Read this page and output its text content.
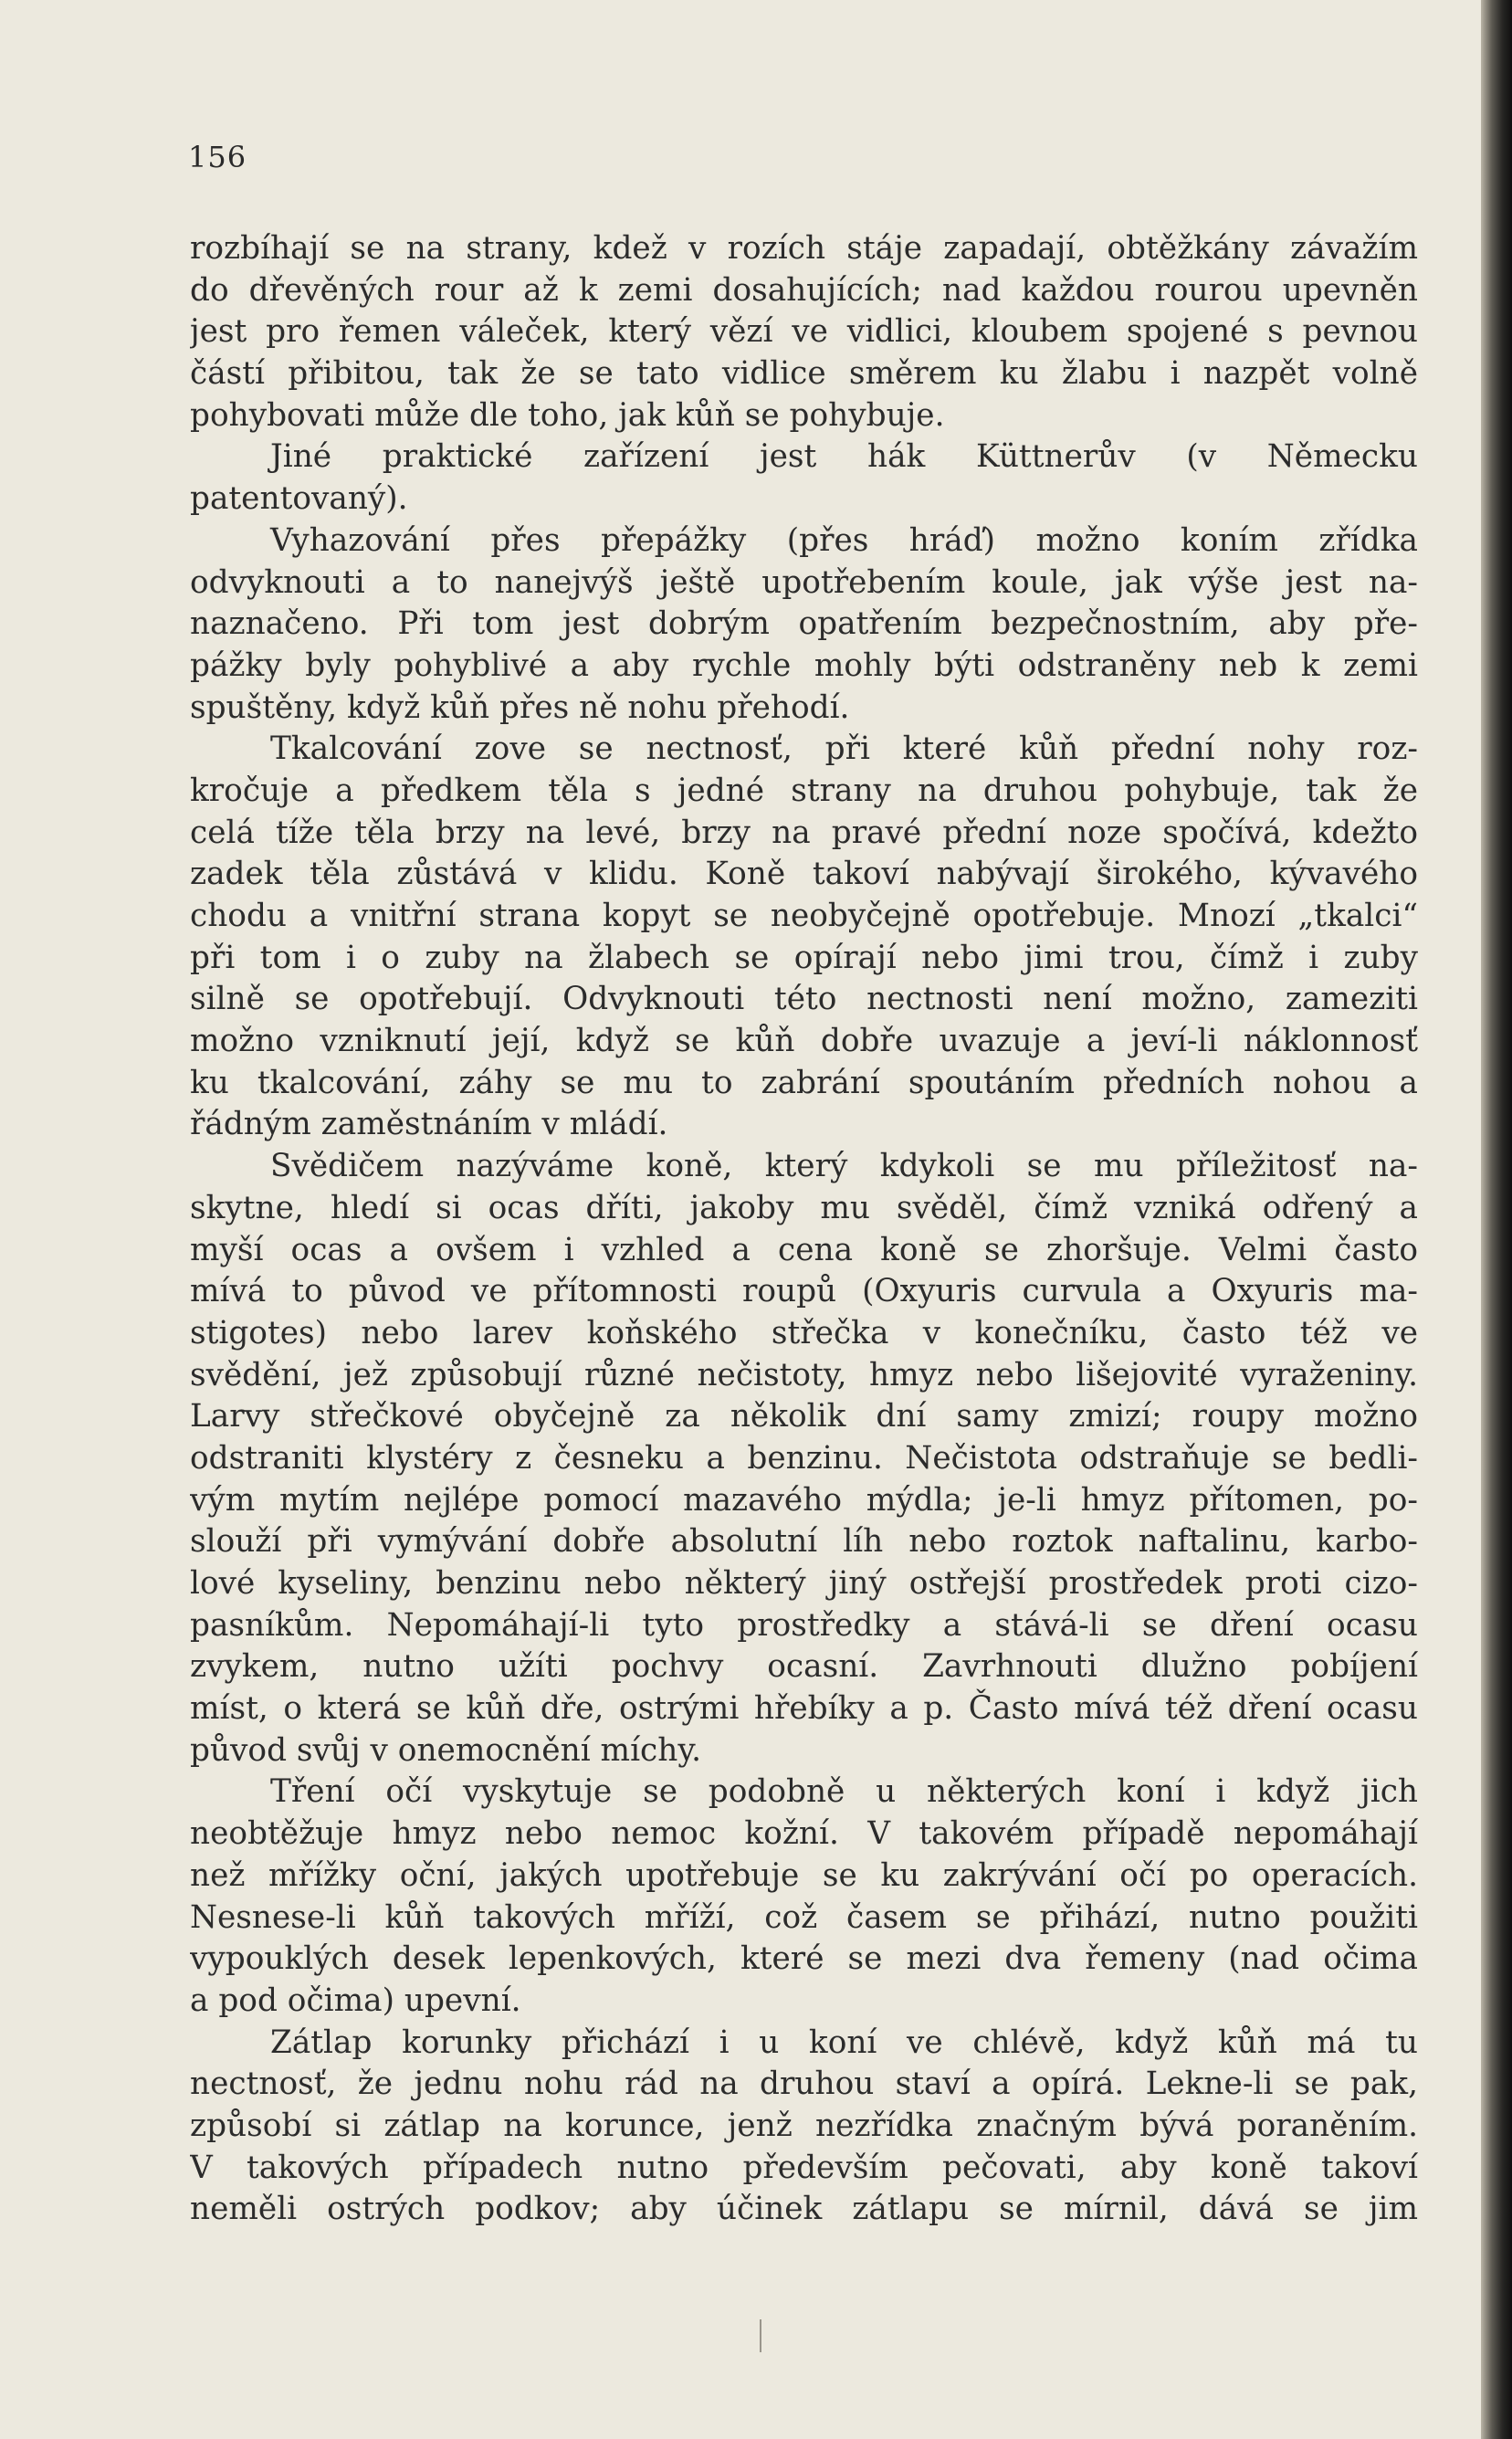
156
rozbíhají se na strany, kdež v rozích stáje zapadají, obtěžkány závažím
do dřevěných rour až k zemi dosahujících; nad každou rourou upevněn
jest pro řemen váleček, který vězí ve vidlici, kloubem spojené s pevnou
částí přibitou, tak že se tato vidlice směrem ku žlabu i nazpět volně
pohybovati může dle toho, jak kůň se pohybuje.
Jiné praktické zařízení jest hák Küttnerův (v Německu
patentovaný).
Vyhazování přes přepážky (přes hráď) možno koním zřídka
odvyknouti a to nanejvýš ještě upotřebením koule, jak výše jest na-
naznačeno. Při tom jest dobrým opatřením bezpečnostním, aby pře-
pážky byly pohyblivé a aby rychle mohly býti odstraněny neb k zemi
spuštěny, když kůň přes ně nohu přehodí.
Tkalcování zove se nectnosť, při které kůň přední nohy roz-
kročuje a předkem těla s jedné strany na druhou pohybuje, tak že
celá tíže těla brzy na levé, brzy na pravé přední noze spočívá, kdežto
zadek těla zůstává v klidu. Koně takoví nabývají širokého, kývavého
chodu a vnitřní strana kopyt se neobyčejně opotřebuje. Mnozí „tkalci“
při tom i o zuby na žlabech se opírají nebo jimi trou, čímž i zuby
silně se opotřebují. Odvyknouti této nectnosti není možno, zameziti
možno vzniknutí její, když se kůň dobře uvazuje a jeví-li náklonnosť
ku tkalcování, záhy se mu to zabrání spoutáním předních nohou a
řádným zaměstnáním v mládí.
Svědičem nazýváme koně, který kdykoli se mu příležitosť na-
skytne, hledí si ocas dříti, jakoby mu svěděl, čímž vzniká odřený a
myší ocas a ovšem i vzhled a cena koně se zhoršuje. Velmi často
mívá to původ ve přítomnosti roupů (Oxyuris curvula a Oxyuris ma-
stigotes) nebo larev koňského střečka v konečníku, často též ve
svědění, jež způsobují různé nečistoty, hmyz nebo lišejovité vyraženiny.
Larvy střečkové obyčejně za několik dní samy zmizí; roupy možno
odstraniti klystéry z česneku a benzinu. Nečistota odstraňuje se bedli-
vým mytím nejlépe pomocí mazavého mýdla; je-li hmyz přítomen, po-
slouží při vymývání dobře absolutní líh nebo roztok naftalinu, karbo-
lové kyseliny, benzinu nebo některý jiný ostřejší prostředek proti cizo-
pasníkům. Nepomáhají-li tyto prostředky a stává-li se dření ocasu
zvykem, nutno užíti pochvy ocasní. Zavrhnouti dlužno pobíjení
míst, o která se kůň dře, ostrými hřebíky a p. Často mívá též dření ocasu
původ svůj v onemocnění míchy.
Tření očí vyskytuje se podobně u některých koní i když jich
neobtěžuje hmyz nebo nemoc kožní. V takovém případě nepomáhají
než mřížky oční, jakých upotřebuje se ku zakrývání očí po operacích.
Nesnese-li kůň takových mříží, což časem se přihází, nutno použiti
vypouklých desek lepenkových, které se mezi dva řemeny (nad očima
a pod očima) upevní.
Zátlap korunky přichází i u koní ve chlévě, když kůň má tu
nectnosť, že jednu nohu rád na druhou staví a opírá. Lekne-li se pak,
způsobí si zátlap na korunce, jenž nezřídka značným bývá poraněním.
V takových případech nutno především pečovati, aby koně takoví
neměli ostrých podkov; aby účinek zátlapu se mírnil, dává se jim
